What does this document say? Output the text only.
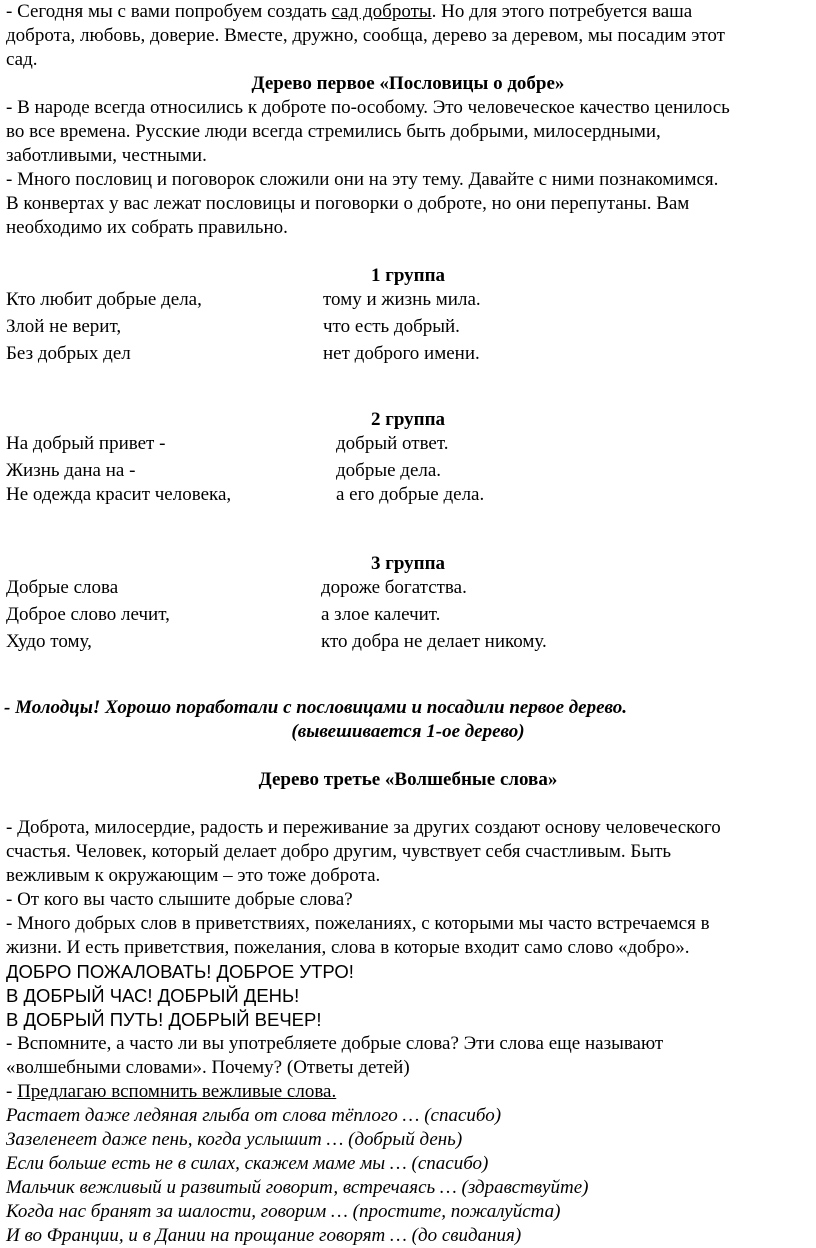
- Сегодня мы с вами попробуем создать сад доброты. Но для этого потребуется ваша
доброта, любовь, доверие. Вместе, дружно, сообща, дерево за деревом, мы посадим этот
сад.
Дерево первое «Пословицы о добре»
- В народе всегда относились к доброте по-особому. Это человеческое качество ценилось
во все времена. Русские люди всегда стремились быть добрыми, милосердными,
заботливыми, честными.
- Много пословиц и поговорок сложили они на эту тему. Давайте с ними познакомимся.
В конвертах у вас лежат пословицы и поговорки о доброте, но они перепутаны. Вам
необходимо их собрать правильно.
1 группа
Кто любит добрые дела,	тому и жизнь мила.
Злой не верит,	что есть добрый.
Без добрых дел	нет доброго имени.
2 группа
На добрый привет -	добрый ответ.
Жизнь дана на -	добрые дела.
Не одежда красит человека,	а его добрые дела.
3 группа
Добрые слова	дороже богатства.
Доброе слово лечит,	а злое калечит.
Худо тому,	кто добра не делает никому.
- Молодцы! Хорошо поработали с пословицами и посадили первое дерево.
(вывешивается 1-ое дерево)
Дерево третье «Волшебные слова»
- Доброта, милосердие, радость и переживание за других создают основу человеческого
счастья. Человек, который делает добро другим, чувствует себя счастливым. Быть
вежливым к окружающим – это тоже доброта.
- От кого вы часто слышите добрые слова?
- Много добрых слов в приветствиях, пожеланиях, с которыми мы часто встречаемся в
жизни. И есть приветствия, пожелания, слова в которые входит само слово «добро».
ДОБРО ПОЖАЛОВАТЬ! ДОБРОЕ УТРО!
В ДОБРЫЙ ЧАС! ДОБРЫЙ ДЕНЬ!
В ДОБРЫЙ ПУТЬ! ДОБРЫЙ ВЕЧЕР!
- Вспомните, а часто ли вы употребляете добрые слова? Эти слова еще называют
«волшебными словами». Почему? (Ответы детей)
- Предлагаю вспомнить вежливые слова.
Растает даже ледяная глыба от слова тёплого … (спасибо)
Зазеленеет даже пень, когда услышит … (добрый день)
Если больше есть не в силах, скажем маме мы … (спасибо)
Мальчик вежливый и развитый говорит, встречаясь … (здравствуйте)
Когда нас бранят за шалости, говорим … (простите, пожалуйста)
И во Франции, и в Дании на прощание говорят … (до свидания)
